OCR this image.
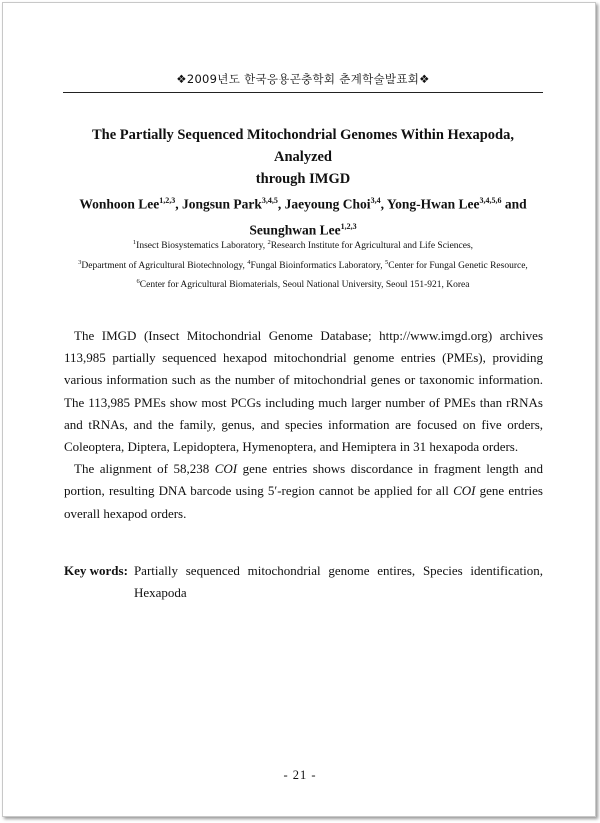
❖2009년도 한국응용곤충학회 춘계학술발표회❖
The Partially Sequenced Mitochondrial Genomes Within Hexapoda, Analyzed
through IMGD
Wonhoon Lee$^{1,2,3}$, Jongsun Park$^{3,4,5}$, Jaeyoung Choi$^{3,4}$, Yong-Hwan Lee$^{3,4,5,6}$ and
Seunghwan Lee$^{1,2,3}$
$^1$Insect Biosystematics Laboratory, $^2$Research Institute for Agricultural and Life Sciences,
$^3$Department of Agricultural Biotechnology, $^4$Fungal Bioinformatics Laboratory, $^5$Center for Fungal Genetic Resource,
$^6$Center for Agricultural Biomaterials, Seoul National University, Seoul 151-921, Korea

The IMGD (Insect Mitochondrial Genome Database; http://www.imgd.org) archives 113,985 partially sequenced hexapod mitochondrial genome entries (PMEs), providing various information such as the number of mitochondrial genes or taxonomic information. The 113,985 PMEs show most PCGs including much larger number of PMEs than rRNAs and tRNAs, and the family, genus, and species information are focused on five orders, Coleoptera, Diptera, Lepidoptera, Hymenoptera, and Hemiptera in 31 hexapoda orders.

The alignment of 58,238 COI gene entries shows discordance in fragment length and portion, resulting DNA barcode using 5′-region cannot be applied for all COI gene entries overall hexapod orders.

Key words: Partially sequenced mitochondrial genome entires, Species identification, Hexapoda
- 21 -
